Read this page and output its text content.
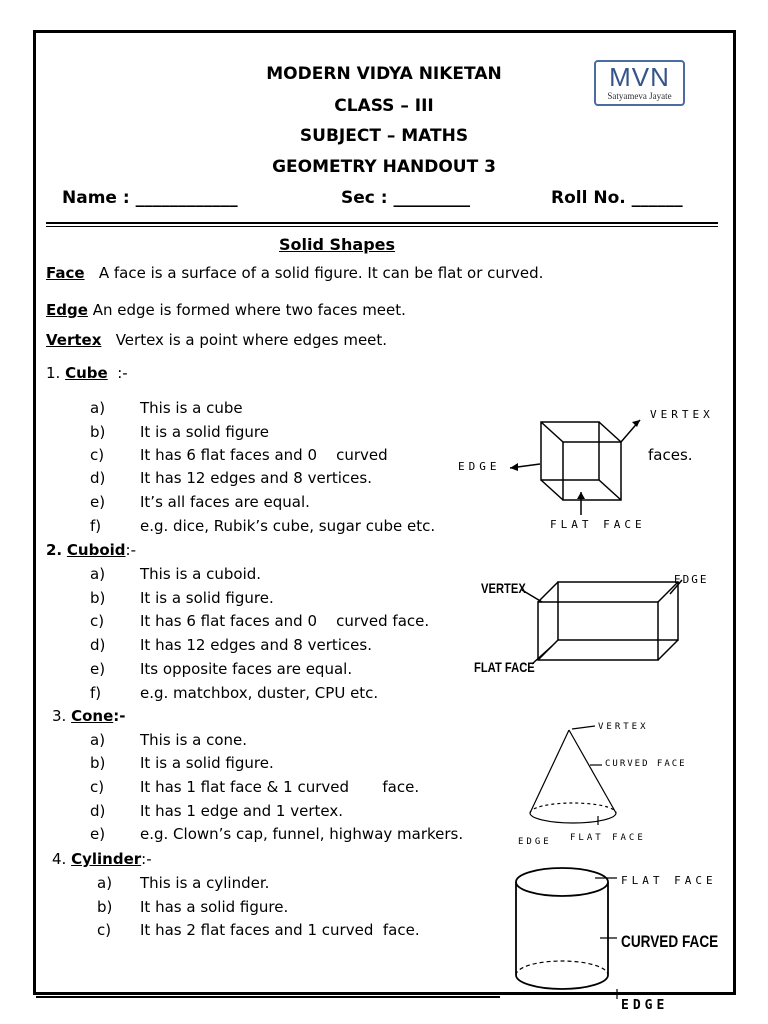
MODERN VIDYA NIKETAN
CLASS – III
SUBJECT – MATHS
GEOMETRY HANDOUT 3
MVN
Satyameva Jayate
Name : ____________	Sec : _________	Roll No. ______
Solid Shapes
Face A face is a surface of a solid figure. It can be flat or curved.
Edge An edge is formed where two faces meet.
Vertex Vertex is a point where edges meet.
1. Cube  :-
a) This is a cube
b) It is a solid figure
c) It has 6 flat faces and 0    curved	faces.
d) It has 12 edges and 8 vertices.
e) It’s all faces are equal.
f)	e.g. dice, Rubik’s cube, sugar cube etc.
VERTEX
EDGE
FLAT FACE
2. Cuboid:-
a) This is a cuboid.
b) It is a solid figure.
c) It has 6 flat faces and 0    curved face.
d) It has 12 edges and 8 vertices.
e) Its opposite faces are equal.
f)	e.g. matchbox, duster, CPU etc.
VERTEX
EDGE
FLAT FACE
3. Cone:-
a) This is a cone.
b) It is a solid figure.
c) It has 1 flat face & 1 curved       face.
d) It has 1 edge and 1 vertex.
e) e.g. Clown’s cap, funnel, highway markers.
VERTEX
CURVED FACE
EDGE FLAT FACE
4. Cylinder:-
a) This is a cylinder.
b) It has a solid figure.
c) It has 2 flat faces and 1 curved  face.
FLAT FACE
CURVED FACE
EDGE
